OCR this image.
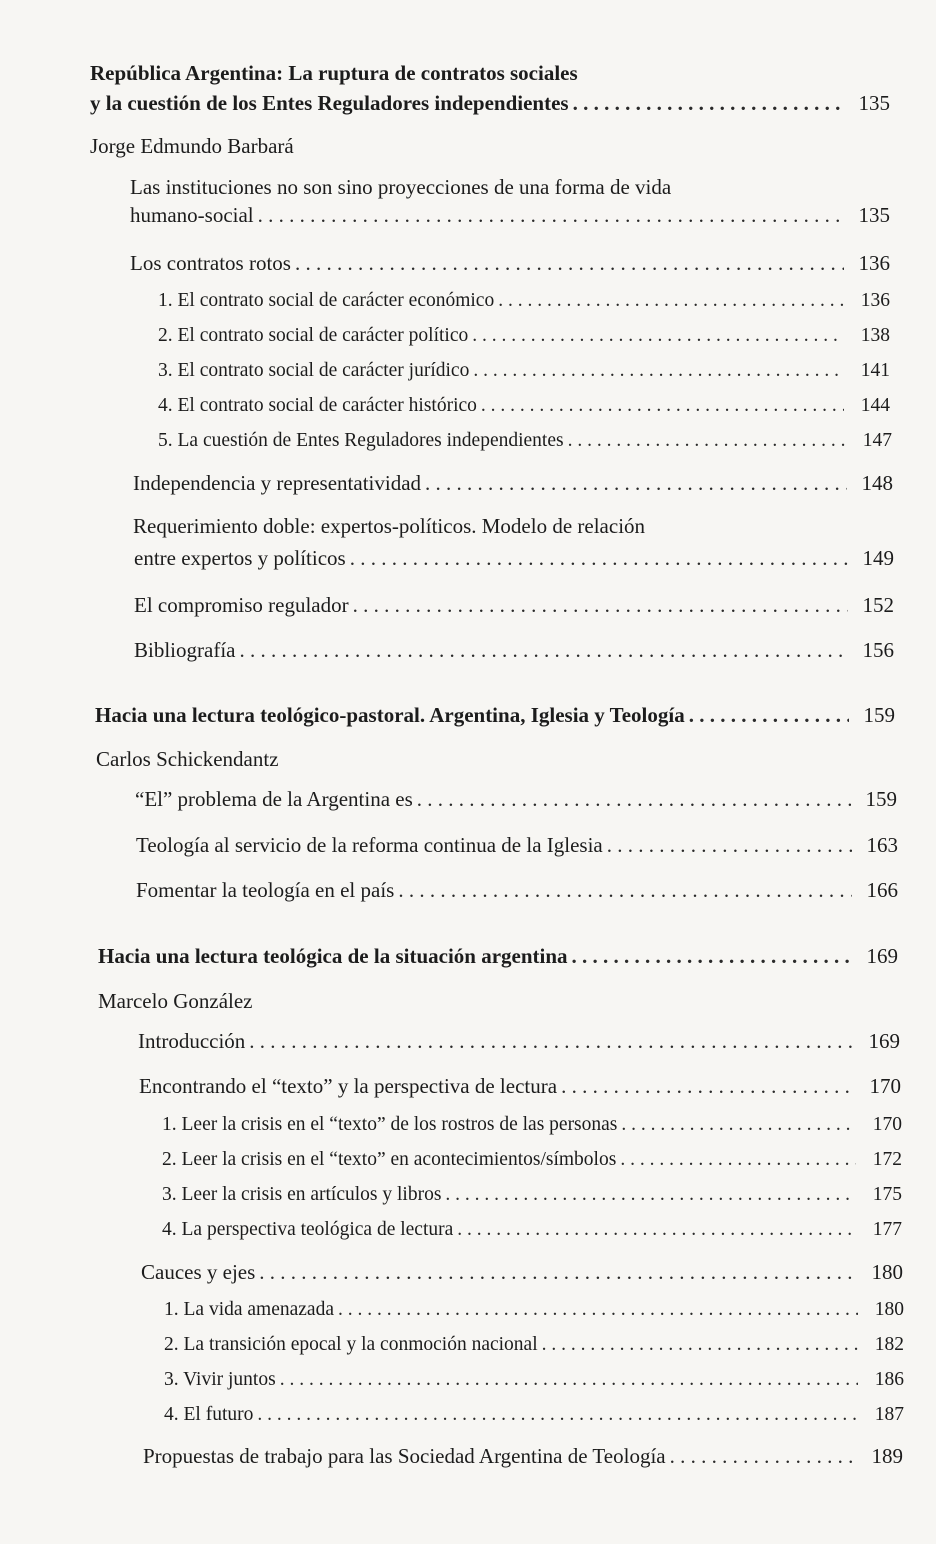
República Argentina: La ruptura de contratos sociales
y la cuestión de los Entes Reguladores independientes . . .	135
Jorge Edmundo Barbará
Las instituciones no son sino proyecciones de una forma de vida
humano-social . . .	135
Los contratos rotos . . .	136
1. El contrato social de carácter económico . . .	136
2. El contrato social de carácter político . . .	138
3. El contrato social de carácter jurídico . . .	141
4. El contrato social de carácter histórico . . .	144
5. La cuestión de Entes Reguladores independientes . . .	147
Independencia y representatividad . . .	148
Requerimiento doble: expertos-políticos. Modelo de relación
entre expertos y políticos . . .	149
El compromiso regulador . . .	152
Bibliografía . . .	156
Hacia una lectura teológico-pastoral. Argentina, Iglesia y Teología . . .	159
Carlos Schickendantz
“El” problema de la Argentina es . . .	159
Teología al servicio de la reforma continua de la Iglesia . . .	163
Fomentar la teología en el país . . .	166
Hacia una lectura teológica de la situación argentina . . .	169
Marcelo González
Introducción . . .	169
Encontrando el “texto” y la perspectiva de lectura . . .	170
1. Leer la crisis en el “texto” de los rostros de las personas . . .	170
2. Leer la crisis en el “texto” en acontecimientos/símbolos . . .	172
3. Leer la crisis en artículos y libros . . .	175
4. La perspectiva teológica de lectura . . .	177
Cauces y ejes . . .	180
1. La vida amenazada . . .	180
2. La transición epocal y la conmoción nacional . . .	182
3. Vivir juntos . . .	186
4. El futuro . . .	187
Propuestas de trabajo para las Sociedad Argentina de Teología . . .	189
